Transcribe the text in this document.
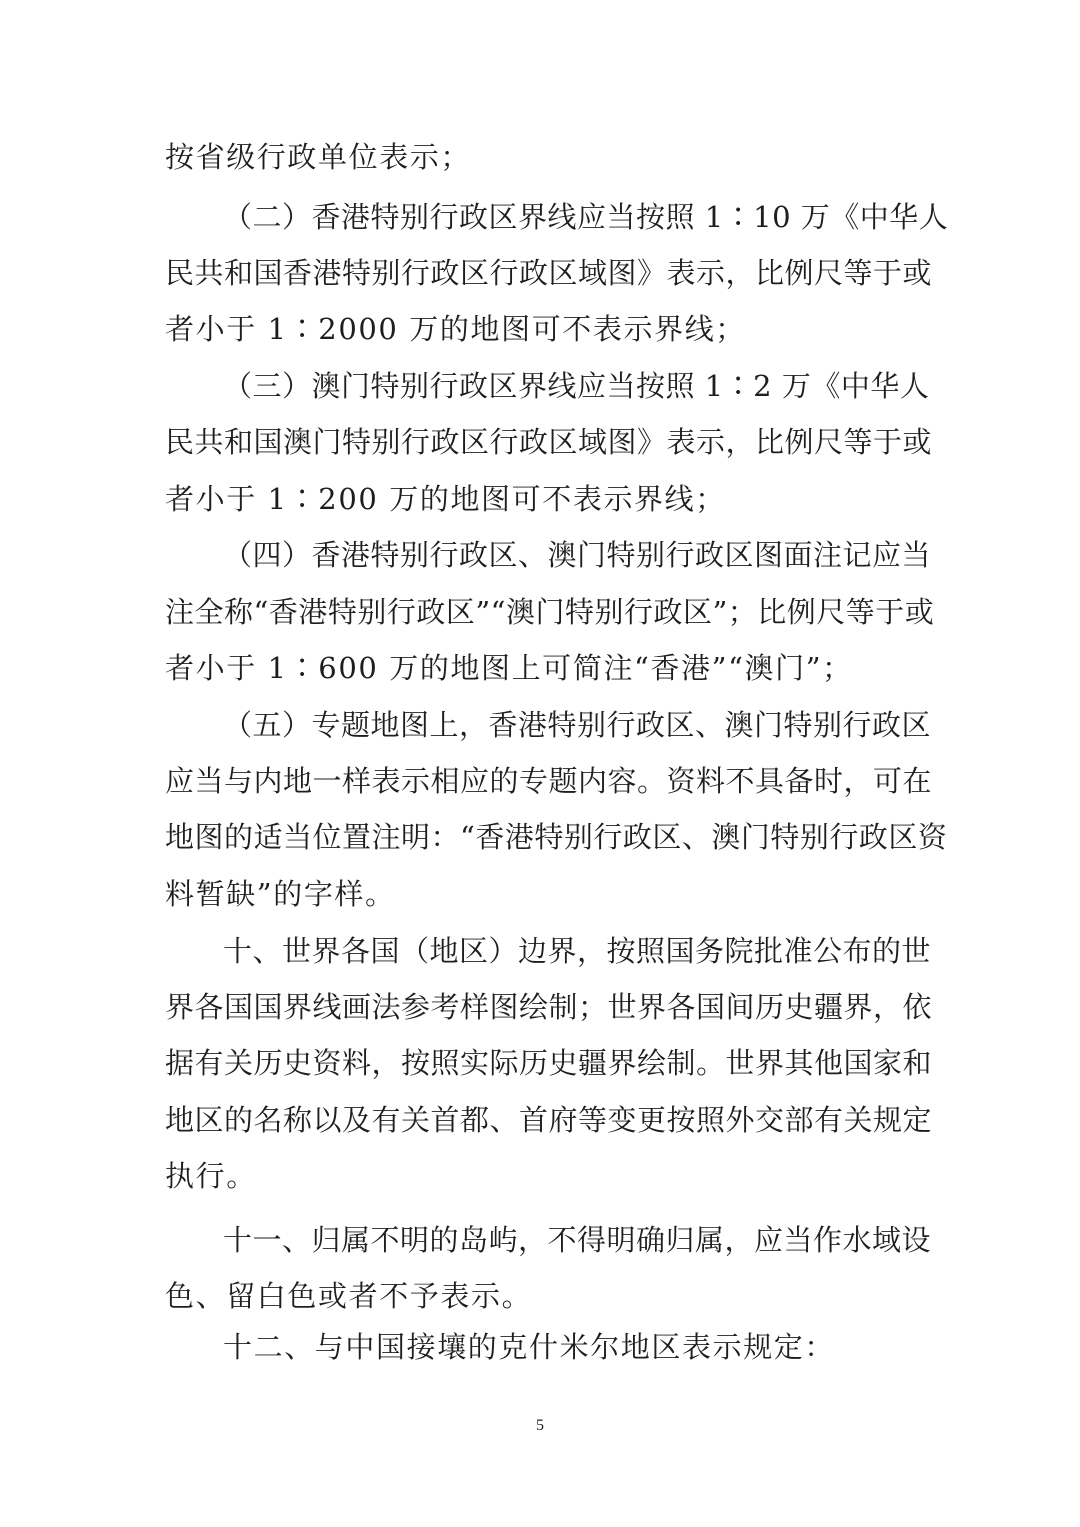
按省级行政单位表示；

（二）香港特别行政区界线应当按照 1∶10 万《中华人

民共和国香港特别行政区行政区域图》表示，比例尺等于或

者小于 1∶2000 万的地图可不表示界线；

（三）澳门特别行政区界线应当按照 1∶2 万《中华人

民共和国澳门特别行政区行政区域图》表示，比例尺等于或

者小于 1∶200 万的地图可不表示界线；

（四）香港特别行政区、澳门特别行政区图面注记应当

注全称“香港特别行政区”“澳门特别行政区”；比例尺等于或

者小于 1∶600 万的地图上可简注“香港”“澳门”；

（五）专题地图上，香港特别行政区、澳门特别行政区

应当与内地一样表示相应的专题内容。资料不具备时，可在

地图的适当位置注明：“香港特别行政区、澳门特别行政区资

料暂缺”的字样。

十、世界各国（地区）边界，按照国务院批准公布的世

界各国国界线画法参考样图绘制；世界各国间历史疆界，依

据有关历史资料，按照实际历史疆界绘制。世界其他国家和

地区的名称以及有关首都、首府等变更按照外交部有关规定

执行。

十一、归属不明的岛屿，不得明确归属，应当作水域设

色、留白色或者不予表示。

十二、与中国接壤的克什米尔地区表示规定：

5
